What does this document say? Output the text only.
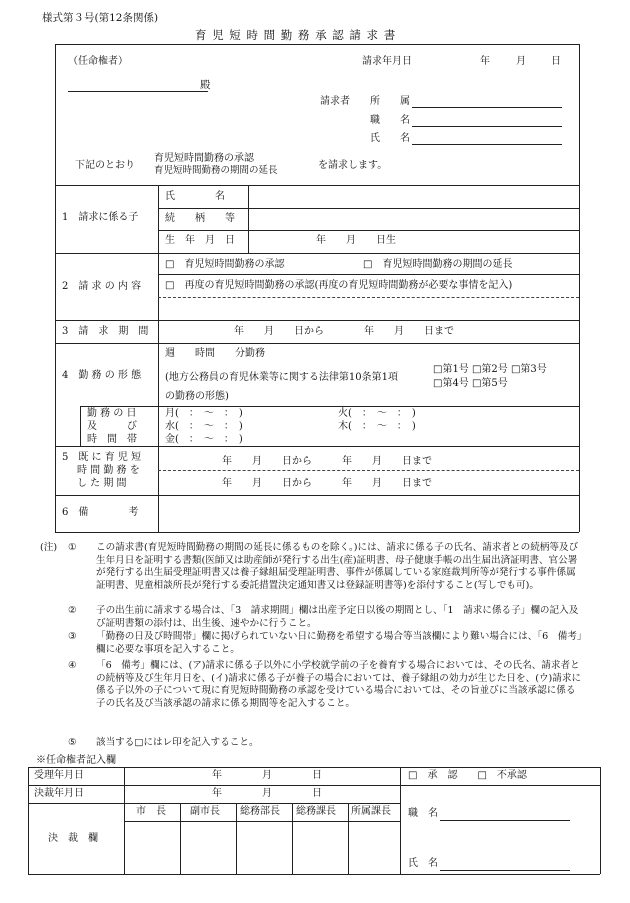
様式第３号(第12条関係)
育 児 短 時 間 勤 務 承 認 請 求 書
（任命権者）	請求年月日	年	月	日
殿
請求者 所　　属
職　　名
氏　　名
下記のとおり
育児短時間勤務の承認
育児短時間勤務の期間の延長	を請求します。
1　請求に係る子
氏　　　　名
続　　柄　　等
生　年　月　日	年　　月　　日生
2　請 求 の 内 容
□　育児短時間勤務の承認	□　育児短時間勤務の期間の延長
□　再度の育児短時間勤務の承認(再度の育児短時間勤務が必要な事情を記入)
3　請　求　期　間	年　　月　　日から　　　　年　　月　　日まで
4　勤 務 の 形 態
週　　時間　　分勤務
(地方公務員の育児休業等に関する法律第10条第1項
□第1号 □第2号 □第3号
□第4号 □第5号
の勤務の形態)
勤 務 の 日
及　　　び
時　間　帯
月(　：　〜　：　)	火(　：　〜　：　)
水(　：　〜　：　)	木(　：　〜　：　)
金(　：　〜　：　)
5　既 に 育 児 短
時 間 勤 務 を
し た 期 間
年　　月　　日から　　　年　　月　　日まで
年　　月　　日から　　　年　　月　　日まで
6　備　　　　考
(注) ① この請求書(育児短時間勤務の期間の延長に係るものを除く。)には、請求に係る子の氏名、請求者との続柄等及び生年月日を証明する書類(医師又は助産師が発行する出生(産)証明書、母子健康手帳の出生届出済証明書、官公署が発行する出生届受理証明書又は養子縁組届受理証明書、事件が係属している家庭裁判所等が発行する事件係属証明書、児童相談所長が発行する委託措置決定通知書又は登録証明書等)を添付すること(写しでも可)。
② 子の出生前に請求する場合は、「3　請求期間」欄は出産予定日以後の期間とし、「1　請求に係る子」欄の記入及び証明書類の添付は、出生後、速やかに行うこと。
③ 「勤務の日及び時間帯」欄に掲げられていない日に勤務を希望する場合等当該欄により難い場合には、「6　備考」欄に必要な事項を記入すること。
④ 「6　備考」欄には、(ア)請求に係る子以外に小学校就学前の子を養育する場合においては、その氏名、請求者との続柄等及び生年月日を、(イ)請求に係る子が養子の場合においては、養子縁組の効力が生じた日を、(ウ)請求に係る子以外の子について現に育児短時間勤務の承認を受けている場合においては、その旨並びに当該承認に係る子の氏名及び当該承認の請求に係る期間等を記入すること。
⑤ 該当する□にはレ印を記入すること。
※任命権者記入欄
受理年月日	年　　　　月　　　　日	□　承　認　　□　不承認
決裁年月日	年　　　　月　　　　日
決　裁　欄
市　長 副市長 総務部長 総務課長 所属課長 職　名
氏　名
